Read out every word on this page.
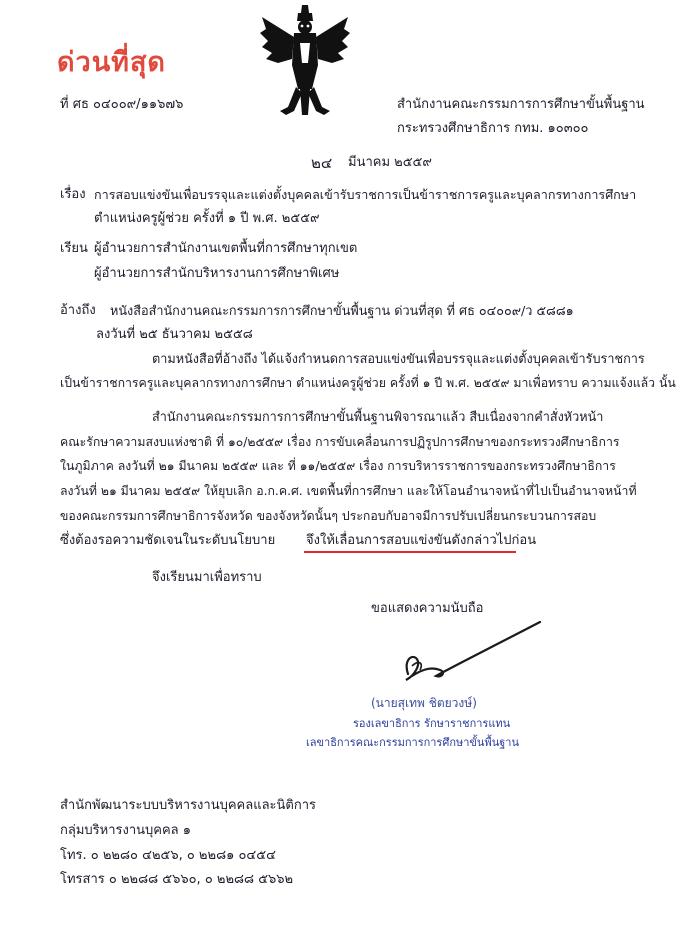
ด่วนที่สุด
ที่ ศธ ๐๔๐๐๙/๑๑๖๗๖	สำนักงานคณะกรรมการการศึกษาขั้นพื้นฐาน
กระทรวงศึกษาธิการ กทม. ๑๐๓๐๐
๒๔ มีนาคม ๒๕๕๙
เรื่อง การสอบแข่งขันเพื่อบรรจุและแต่งตั้งบุคคลเข้ารับราชการเป็นข้าราชการครูและบุคลากรทางการศึกษา
ตำแหน่งครูผู้ช่วย ครั้งที่ ๑ ปี พ.ศ. ๒๕๕๙
เรียน ผู้อำนวยการสำนักงานเขตพื้นที่การศึกษาทุกเขต
ผู้อำนวยการสำนักบริหารงานการศึกษาพิเศษ
อ้างถึง หนังสือสำนักงานคณะกรรมการการศึกษาขั้นพื้นฐาน ด่วนที่สุด ที่ ศธ ๐๔๐๐๙/ว ๕๘๘๑
ลงวันที่ ๒๕ ธันวาคม ๒๕๕๘
ตามหนังสือที่อ้างถึง ได้แจ้งกำหนดการสอบแข่งขันเพื่อบรรจุและแต่งตั้งบุคคลเข้ารับราชการ
เป็นข้าราชการครูและบุคลากรทางการศึกษา ตำแหน่งครูผู้ช่วย ครั้งที่ ๑ ปี พ.ศ. ๒๕๕๙ มาเพื่อทราบ ความแจ้งแล้ว นั้น
สำนักงานคณะกรรมการการศึกษาขั้นพื้นฐานพิจารณาแล้ว สืบเนื่องจากคำสั่งหัวหน้า
คณะรักษาความสงบแห่งชาติ ที่ ๑๐/๒๕๕๙ เรื่อง การขับเคลื่อนการปฏิรูปการศึกษาของกระทรวงศึกษาธิการ
ในภูมิภาค ลงวันที่ ๒๑ มีนาคม ๒๕๕๙ และ ที่ ๑๑/๒๕๕๙ เรื่อง การบริหารราชการของกระทรวงศึกษาธิการ
ลงวันที่ ๒๑ มีนาคม ๒๕๕๙ ให้ยุบเลิก อ.ก.ค.ศ. เขตพื้นที่การศึกษา และให้โอนอำนาจหน้าที่ไปเป็นอำนาจหน้าที่
ของคณะกรรมการศึกษาธิการจังหวัด ของจังหวัดนั้นๆ ประกอบกับอาจมีการปรับเปลี่ยนกระบวนการสอบ
ซึ่งต้องรอความชัดเจนในระดับนโยบาย จึงให้เลื่อนการสอบแข่งขันดังกล่าวไปก่อน
จึงเรียนมาเพื่อทราบ
ขอแสดงความนับถือ
(นายสุเทพ ชิตยวงษ์)
รองเลขาธิการ รักษาราชการแทน
เลขาธิการคณะกรรมการการศึกษาขั้นพื้นฐาน
สำนักพัฒนาระบบบริหารงานบุคคลและนิติการ
กลุ่มบริหารงานบุคคล ๑
โทร. ๐ ๒๒๘๐ ๔๒๕๖, ๐ ๒๒๘๑ ๐๔๕๔
โทรสาร ๐ ๒๒๘๘ ๕๖๖๐, ๐ ๒๒๘๘ ๕๖๖๒
